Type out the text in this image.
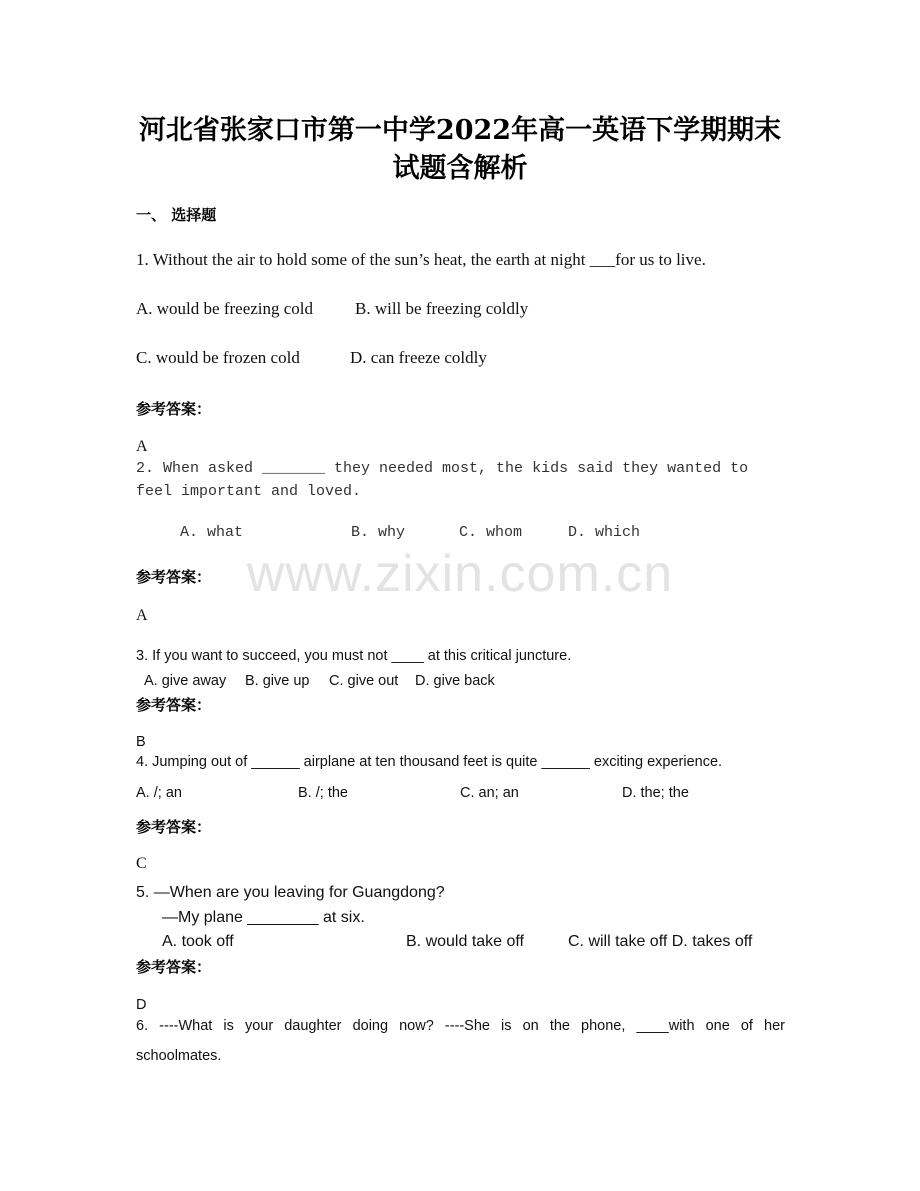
www.zixin.com.cn
河北省张家口市第一中学2022年高一英语下学期期末
试题含解析
一、 选择题
1. Without the air to hold some of the sun’s heat, the earth at night ___for us to live.
A. would be freezing cold B. will be freezing coldly
C. would be frozen cold	D. can freeze coldly
参考答案：
A
2. When asked _______ they needed most, the kids said they wanted to
feel important and loved.
A. what	B. why	C. whom	D. which
参考答案：
A
3. If you want to succeed, you must not ____ at this critical juncture.
A. give away B. give up C. give out D. give back
参考答案：
B
4. Jumping out of ______ airplane at ten thousand feet is quite ______ exciting experience.
A. /; an	B. /; the	C. an; an	D. the; the
参考答案：
C
5. —When are you leaving for Guangdong?
—My plane ________ at six.
A. took off	B. would take off	C. will take off D. takes off
参考答案：
D
6. ----What is your daughter doing now? ----She is on the phone, ____with one of her
schoolmates.
